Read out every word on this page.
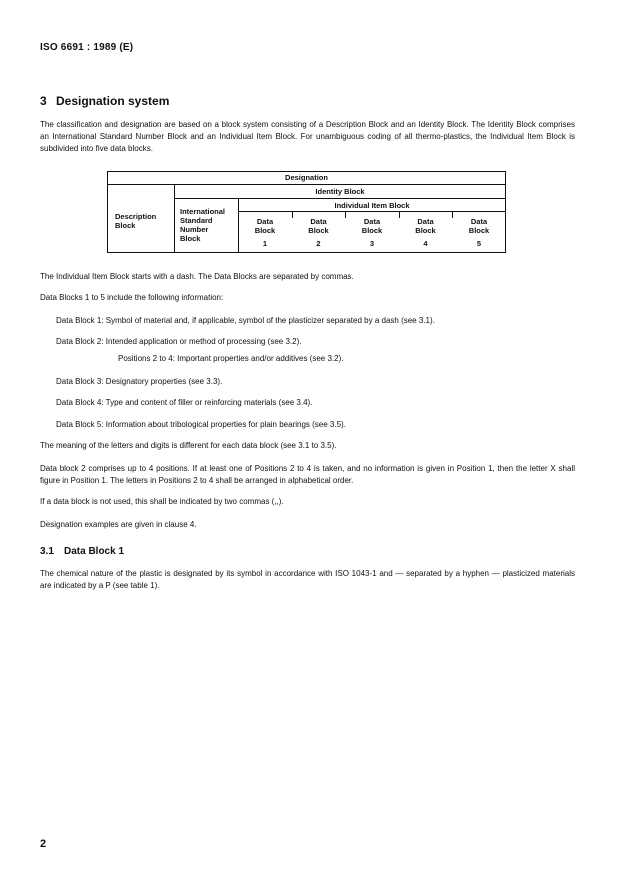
ISO 6691 : 1989 (E)
3 Designation system
The classification and designation are based on a block system consisting of a Description Block and an Identity Block. The Identity Block comprises an International Standard Number Block and an Individual Item Block. For unambiguous coding of all thermo-plastics, the Individual Item Block is subdivided into five data blocks.
Designation
Identity Block
Individual Item Block
Description
Block
International
Standard
Number
Block
Data
Block
1
Data
Block
2
Data
Block
3
Data
Block
4
Data
Block
5
The Individual Item Block starts with a dash. The Data Blocks are separated by commas.
Data Blocks 1 to 5 include the following information:
Data Block 1: Symbol of material and, if applicable, symbol of the plasticizer separated by a dash (see 3.1).
Data Block 2: Intended application or method of processing (see 3.2).
Positions 2 to 4: Important properties and/or additives (see 3.2).
Data Block 3: Designatory properties (see 3.3).
Data Block 4: Type and content of filler or reinforcing materials (see 3.4).
Data Block 5: Information about tribological properties for plain bearings (see 3.5).
The meaning of the letters and digits is different for each data block (see 3.1 to 3.5).
Data block 2 comprises up to 4 positions. If at least one of Positions 2 to 4 is taken, and no information is given in Position 1, then the letter X shall figure in Position 1. The letters in Positions 2 to 4 shall be arranged in alphabetical order.
If a data block is not used, this shall be indicated by two commas (,,).
Designation examples are given in clause 4.
3.1 Data Block 1
The chemical nature of the plastic is designated by its symbol in accordance with ISO 1043-1 and — separated by a hyphen — plasticized materials are indicated by a P (see table 1).
2
